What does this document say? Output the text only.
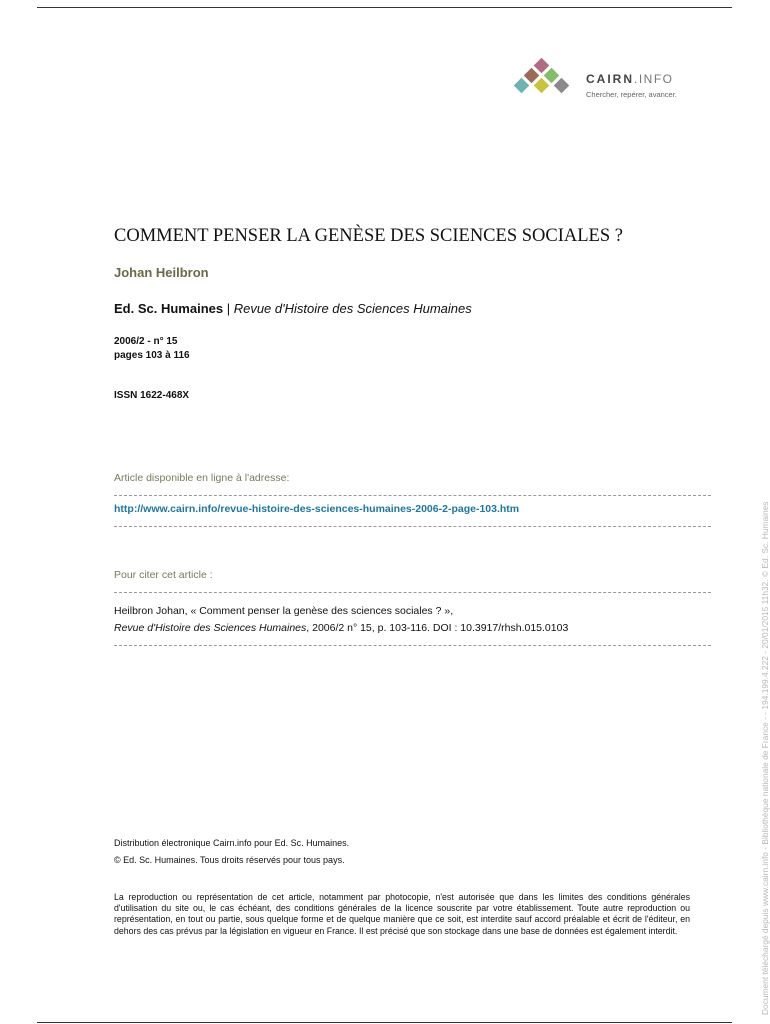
CAIRN.INFO
Chercher, repérer, avancer.
COMMENT PENSER LA GENÈSE DES SCIENCES SOCIALES ?
Johan Heilbron
Ed. Sc. Humaines | Revue d'Histoire des Sciences Humaines
2006/2 - n° 15
pages 103 à 116
ISSN 1622-468X
Article disponible en ligne à l'adresse:
http://www.cairn.info/revue-histoire-des-sciences-humaines-2006-2-page-103.htm
Pour citer cet article :
Heilbron Johan, « Comment penser la genèse des sciences sociales ? »,
Revue d'Histoire des Sciences Humaines, 2006/2 n° 15, p. 103-116. DOI : 10.3917/rhsh.015.0103
Distribution électronique Cairn.info pour Ed. Sc. Humaines.
© Ed. Sc. Humaines. Tous droits réservés pour tous pays.
La reproduction ou représentation de cet article, notamment par photocopie, n'est autorisée que dans les limites des conditions générales d'utilisation du site ou, le cas échéant, des conditions générales de la licence souscrite par votre établissement. Toute autre reproduction ou représentation, en tout ou partie, sous quelque forme et de quelque manière que ce soit, est interdite sauf accord préalable et écrit de l'éditeur, en dehors des cas prévus par la législation en vigueur en France. Il est précisé que son stockage dans une base de données est également interdit.	Document téléchargé depuis www.cairn.info - Bibliothèque nationale de France - - 194.199.4.222 - 20/01/2015 11h32. © Ed. Sc. Humaines
